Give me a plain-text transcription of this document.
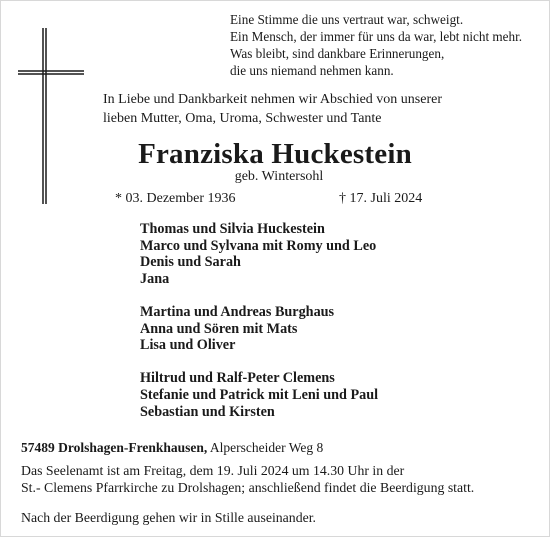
Eine Stimme die uns vertraut war, schweigt.
Ein Mensch, der immer für uns da war, lebt nicht mehr.
Was bleibt, sind dankbare Erinnerungen,
die uns niemand nehmen kann.
In Liebe und Dankbarkeit nehmen wir Abschied von unserer
lieben Mutter, Oma, Uroma, Schwester und Tante
Franziska Huckestein
geb. Wintersohl
* 03. Dezember 1936	† 17. Juli 2024
Thomas und Silvia Huckestein
Marco und Sylvana mit Romy und Leo
Denis und Sarah
Jana
Martina und Andreas Burghaus
Anna und Sören mit Mats
Lisa und Oliver
Hiltrud und Ralf-Peter Clemens
Stefanie und Patrick mit Leni und Paul
Sebastian und Kirsten
57489 Drolshagen-Frenkhausen, Alperscheider Weg 8
Das Seelenamt ist am Freitag, dem 19. Juli 2024 um 14.30 Uhr in der
St.- Clemens Pfarrkirche zu Drolshagen; anschließend findet die Beerdigung statt.
Nach der Beerdigung gehen wir in Stille auseinander.
